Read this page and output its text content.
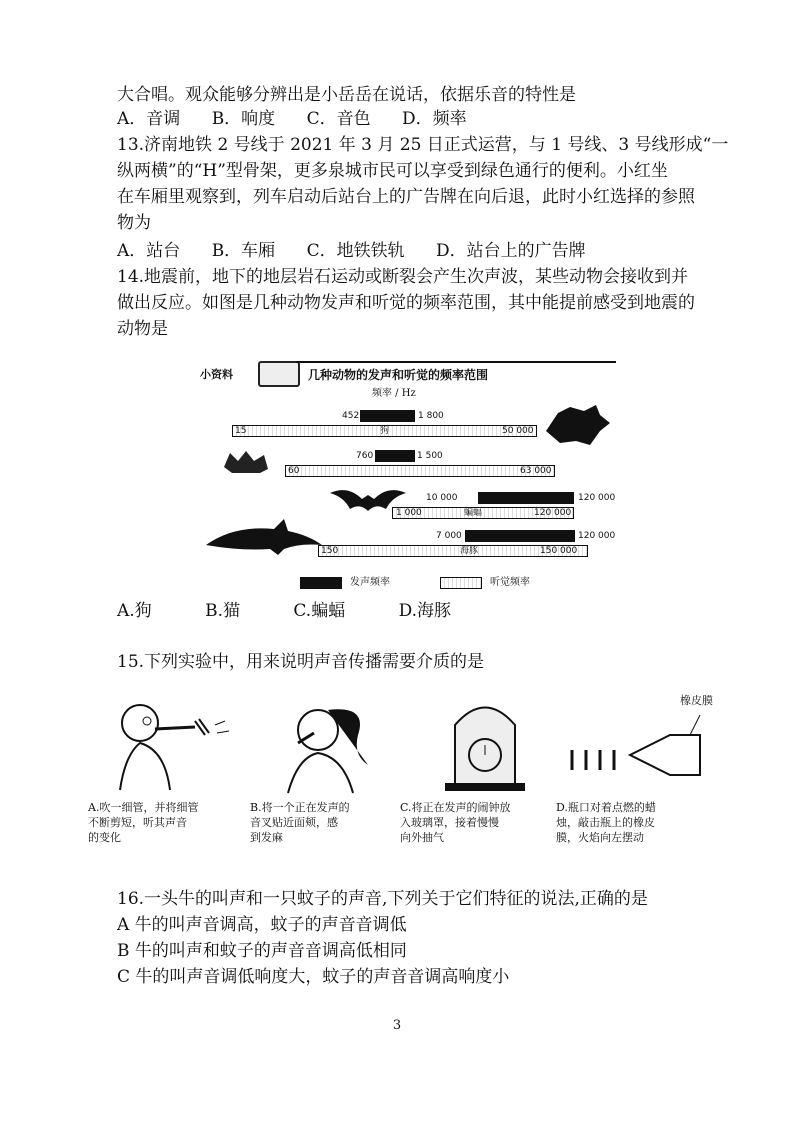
大合唱。观众能够分辨出是小岳岳在说话，依据乐音的特性是
A．音调 B．响度 C．音色 D．频率
13.济南地铁 2 号线于 2021 年 3 月 25 日正式运营，与 1 号线、3 号线形成“一
纵两横”的“H”型骨架，更多泉城市民可以享受到绿色通行的便利。小红坐
在车厢里观察到，列车启动后站台上的广告牌在向后退，此时小红选择的参照
物为
A．站台 B．车厢 C．地铁铁轨 D．站台上的广告牌
14.地震前，地下的地层岩石运动或断裂会产生次声波，某些动物会接收到并
做出反应。如图是几种动物发声和听觉的频率范围，其中能提前感受到地震的
动物是
小资料	几种动物的发声和听觉的频率范围
频率 / Hz
452	1 800
15	狗	50 000
760	1 500
60	63 000
10 000	120 000
1 000	蝙蝠	120 000
7 000	120 000
150	海豚	150 000
发声频率	听觉频率
A.狗	B.猫	C.蝙蝠	D.海豚
15.下列实验中，用来说明声音传播需要介质的是
橡皮膜
A.吹一细管，并将细管
不断剪短，听其声音
的变化
B.将一个正在发声的
音叉贴近面颊，感
到发麻
C.将正在发声的闹钟放
入玻璃罩，接着慢慢
向外抽气
D.瓶口对着点燃的蜡
烛，敲击瓶上的橡皮
膜，火焰向左摆动
16.一头牛的叫声和一只蚊子的声音,下列关于它们特征的说法,正确的是
A 牛的叫声音调高，蚊子的声音音调低
B 牛的叫声和蚊子的声音音调高低相同
C 牛的叫声音调低响度大，蚊子的声音音调高响度小
3
